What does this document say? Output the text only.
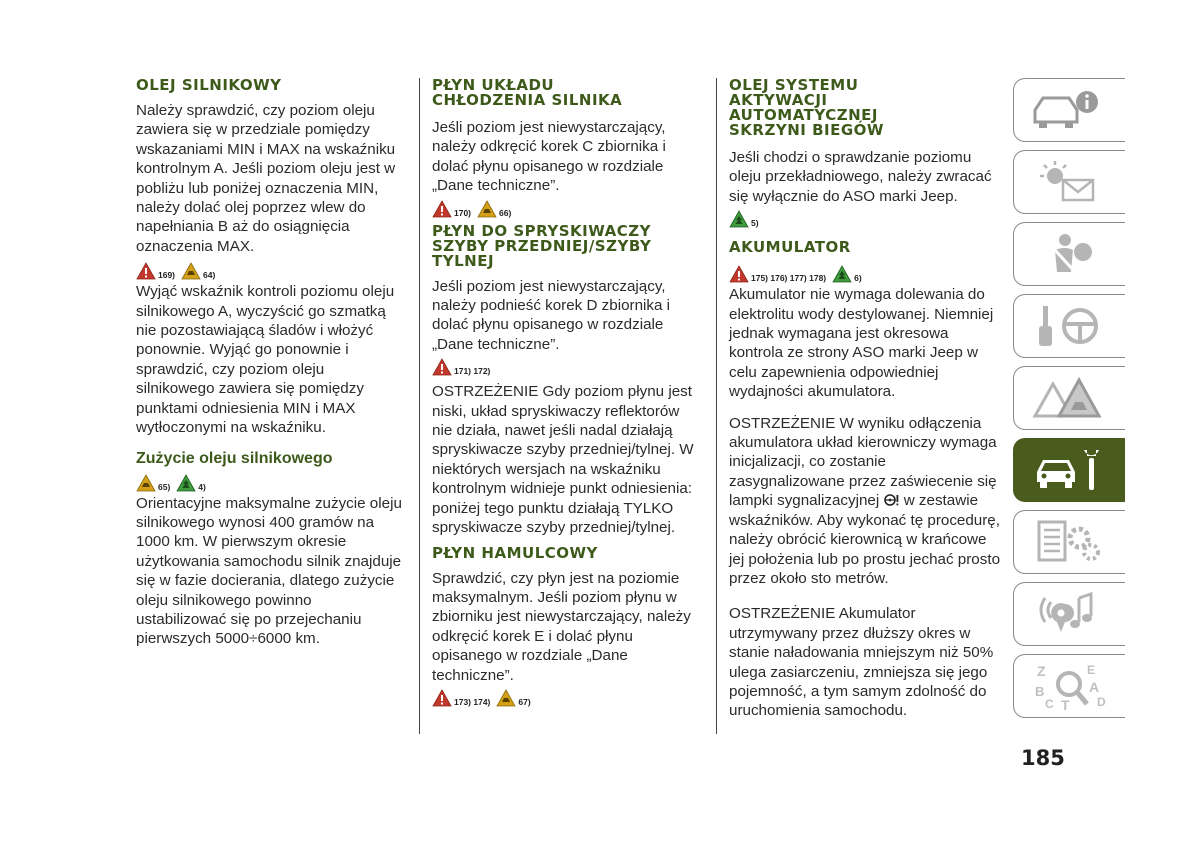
OLEJ SILNIKOWY

Należy sprawdzić, czy poziom oleju zawiera się w przedziale pomiędzy wskazaniami MIN i MAX na wskaźniku kontrolnym A. Jeśli poziom oleju jest w pobliżu lub poniżej oznaczenia MIN, należy dolać olej poprzez wlew do napełniania B aż do osiągnięcia oznaczenia MAX.

169)	64)

Wyjąć wskaźnik kontroli poziomu oleju silnikowego A, wyczyścić go szmatką nie pozostawiającą śladów i włożyć ponownie. Wyjąć go ponownie i sprawdzić, czy poziom oleju silnikowego zawiera się pomiędzy punktami odniesienia MIN i MAX wytłoczonymi na wskaźniku.

Zużycie oleju silnikowego
65)	4)

Orientacyjne maksymalne zużycie oleju silnikowego wynosi 400 gramów na 1000 km. W pierwszym okresie użytkowania samochodu silnik znajduje się w fazie docierania, dlatego zużycie oleju silnikowego powinno ustabilizować się po przejechaniu pierwszych 5000÷6000 km.

PŁYN UKŁADU CHŁODZENIA SILNIKA

Jeśli poziom jest niewystarczający, należy odkręcić korek C zbiornika i dolać płynu opisanego w rozdziale „Dane techniczne”.

170)	66)
PŁYN DO SPRYSKIWACZY SZYBY PRZEDNIEJ/SZYBY TYLNEJ

Jeśli poziom jest niewystarczający, należy podnieść korek D zbiornika i dolać płynu opisanego w rozdziale „Dane techniczne”.

171) 172)

OSTRZEŻENIE Gdy poziom płynu jest niski, układ spryskiwaczy reflektorów nie działa, nawet jeśli nadal działają spryskiwacze szyby przedniej/tylnej. W niektórych wersjach na wskaźniku kontrolnym widnieje punkt odniesienia: poniżej tego punktu działają TYLKO spryskiwacze szyby przedniej/tylnej.

PŁYN HAMULCOWY

Sprawdzić, czy płyn jest na poziomie maksymalnym. Jeśli poziom płynu w zbiorniku jest niewystarczający, należy odkręcić korek E i dolać płynu opisanego w rozdziale „Dane techniczne”.

173) 174)	67)
OLEJ SYSTEMU AKTYWACJI AUTOMATYCZNEJ SKRZYNI BIEGÓW

Jeśli chodzi o sprawdzanie poziomu oleju przekładniowego, należy zwracać się wyłącznie do ASO marki Jeep.

5)
AKUMULATOR
175) 176) 177) 178)	6)

Akumulator nie wymaga dolewania do elektrolitu wody destylowanej. Niemniej jednak wymagana jest okresowa kontrola ze strony ASO marki Jeep w celu zapewnienia odpowiedniej wydajności akumulatora.

OSTRZEŻENIE W wyniku odłączenia akumulatora układ kierowniczy wymaga inicjalizacji, co zostanie zasygnalizowane przez zaświecenie się lampki sygnalizacyjnej w zestawie wskaźników. Aby wykonać tę procedurę, należy obrócić kierownicą w krańcowe jej położenia lub po prostu jechać prosto przez około sto metrów.

OSTRZEŻENIE Akumulator utrzymywany przez dłuższy okres w stanie naładowania mniejszym niż 50% ulega zasiarczeniu, zmniejsza się jego pojemność, a tym samym zdolność do uruchomienia samochodu.

Z	E
B	A
C T D
185
